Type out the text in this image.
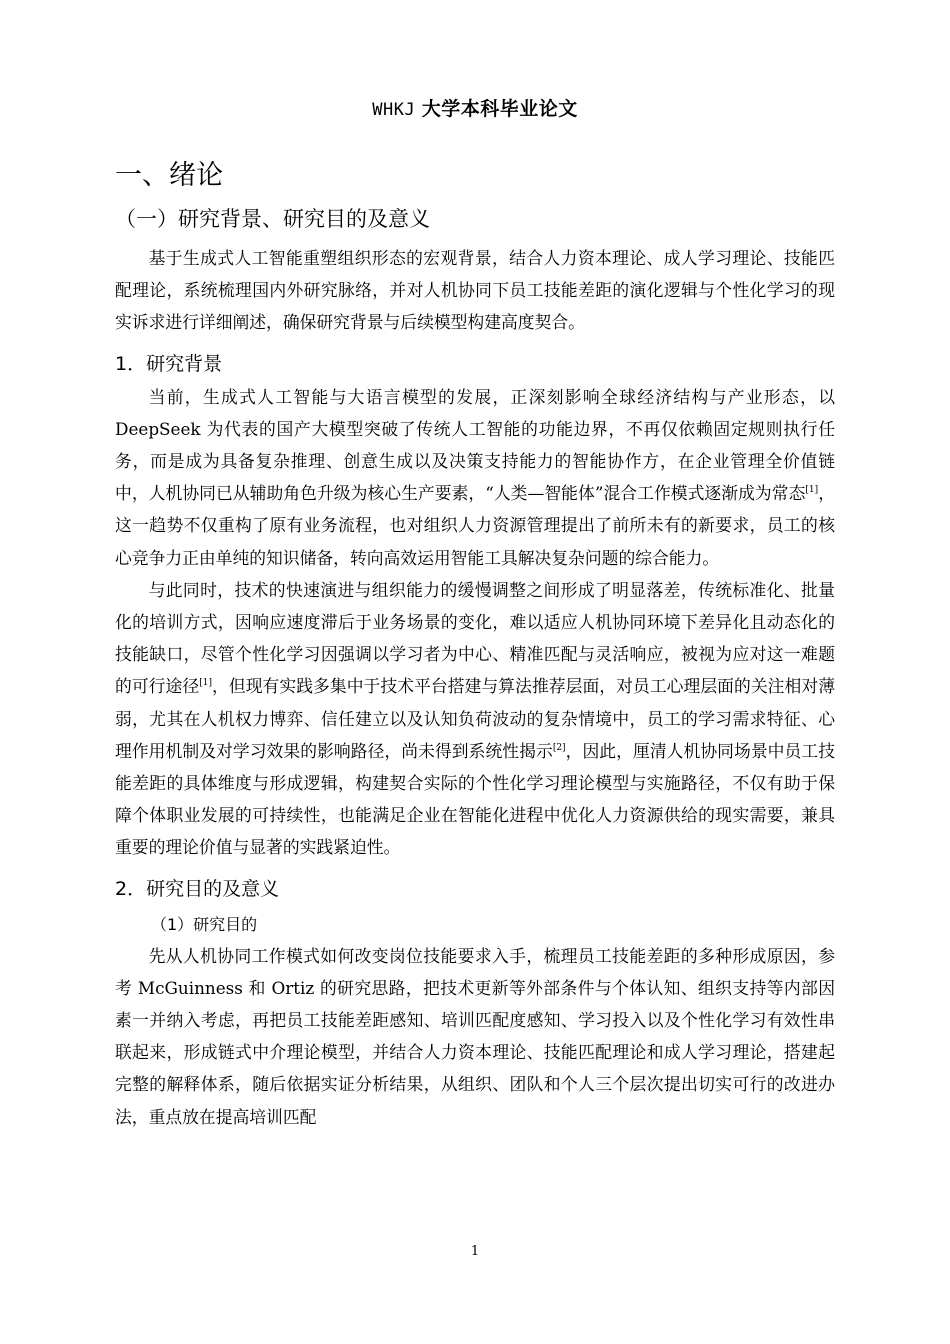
WHKJ 大学本科毕业论文
一、绪论
（一）研究背景、研究目的及意义

基于生成式人工智能重塑组织形态的宏观背景，结合人力资本理论、成人学习理论、技能匹配理论，系统梳理国内外研究脉络，并对人机协同下员工技能差距的演化逻辑与个性化学习的现实诉求进行详细阐述，确保研究背景与后续模型构建高度契合。

1．研究背景

当前，生成式人工智能与大语言模型的发展，正深刻影响全球经济结构与产业形态，以 DeepSeek 为代表的国产大模型突破了传统人工智能的功能边界，不再仅依赖固定规则执行任务，而是成为具备复杂推理、创意生成以及决策支持能力的智能协作方，在企业管理全价值链中，人机协同已从辅助角色升级为核心生产要素，“人类—智能体”混合工作模式逐渐成为常态[1]，这一趋势不仅重构了原有业务流程，也对组织人力资源管理提出了前所未有的新要求，员工的核心竞争力正由单纯的知识储备，转向高效运用智能工具解决复杂问题的综合能力。

与此同时，技术的快速演进与组织能力的缓慢调整之间形成了明显落差，传统标准化、批量化的培训方式，因响应速度滞后于业务场景的变化，难以适应人机协同环境下差异化且动态化的技能缺口，尽管个性化学习因强调以学习者为中心、精准匹配与灵活响应，被视为应对这一难题的可行途径[1]，但现有实践多集中于技术平台搭建与算法推荐层面，对员工心理层面的关注相对薄弱，尤其在人机权力博弈、信任建立以及认知负荷波动的复杂情境中，员工的学习需求特征、心理作用机制及对学习效果的影响路径，尚未得到系统性揭示[2]，因此，厘清人机协同场景中员工技能差距的具体维度与形成逻辑，构建契合实际的个性化学习理论模型与实施路径，不仅有助于保障个体职业发展的可持续性，也能满足企业在智能化进程中优化人力资源供给的现实需要，兼具重要的理论价值与显著的实践紧迫性。

2．研究目的及意义
（1）研究目的

先从人机协同工作模式如何改变岗位技能要求入手，梳理员工技能差距的多种形成原因，参考 McGuinness 和 Ortiz 的研究思路，把技术更新等外部条件与个体认知、组织支持等内部因素一并纳入考虑，再把员工技能差距感知、培训匹配度感知、学习投入以及个性化学习有效性串联起来，形成链式中介理论模型，并结合人力资本理论、技能匹配理论和成人学习理论，搭建起完整的解释体系，随后依据实证分析结果，从组织、团队和个人三个层次提出切实可行的改进办法，重点放在提高培训匹配

1
